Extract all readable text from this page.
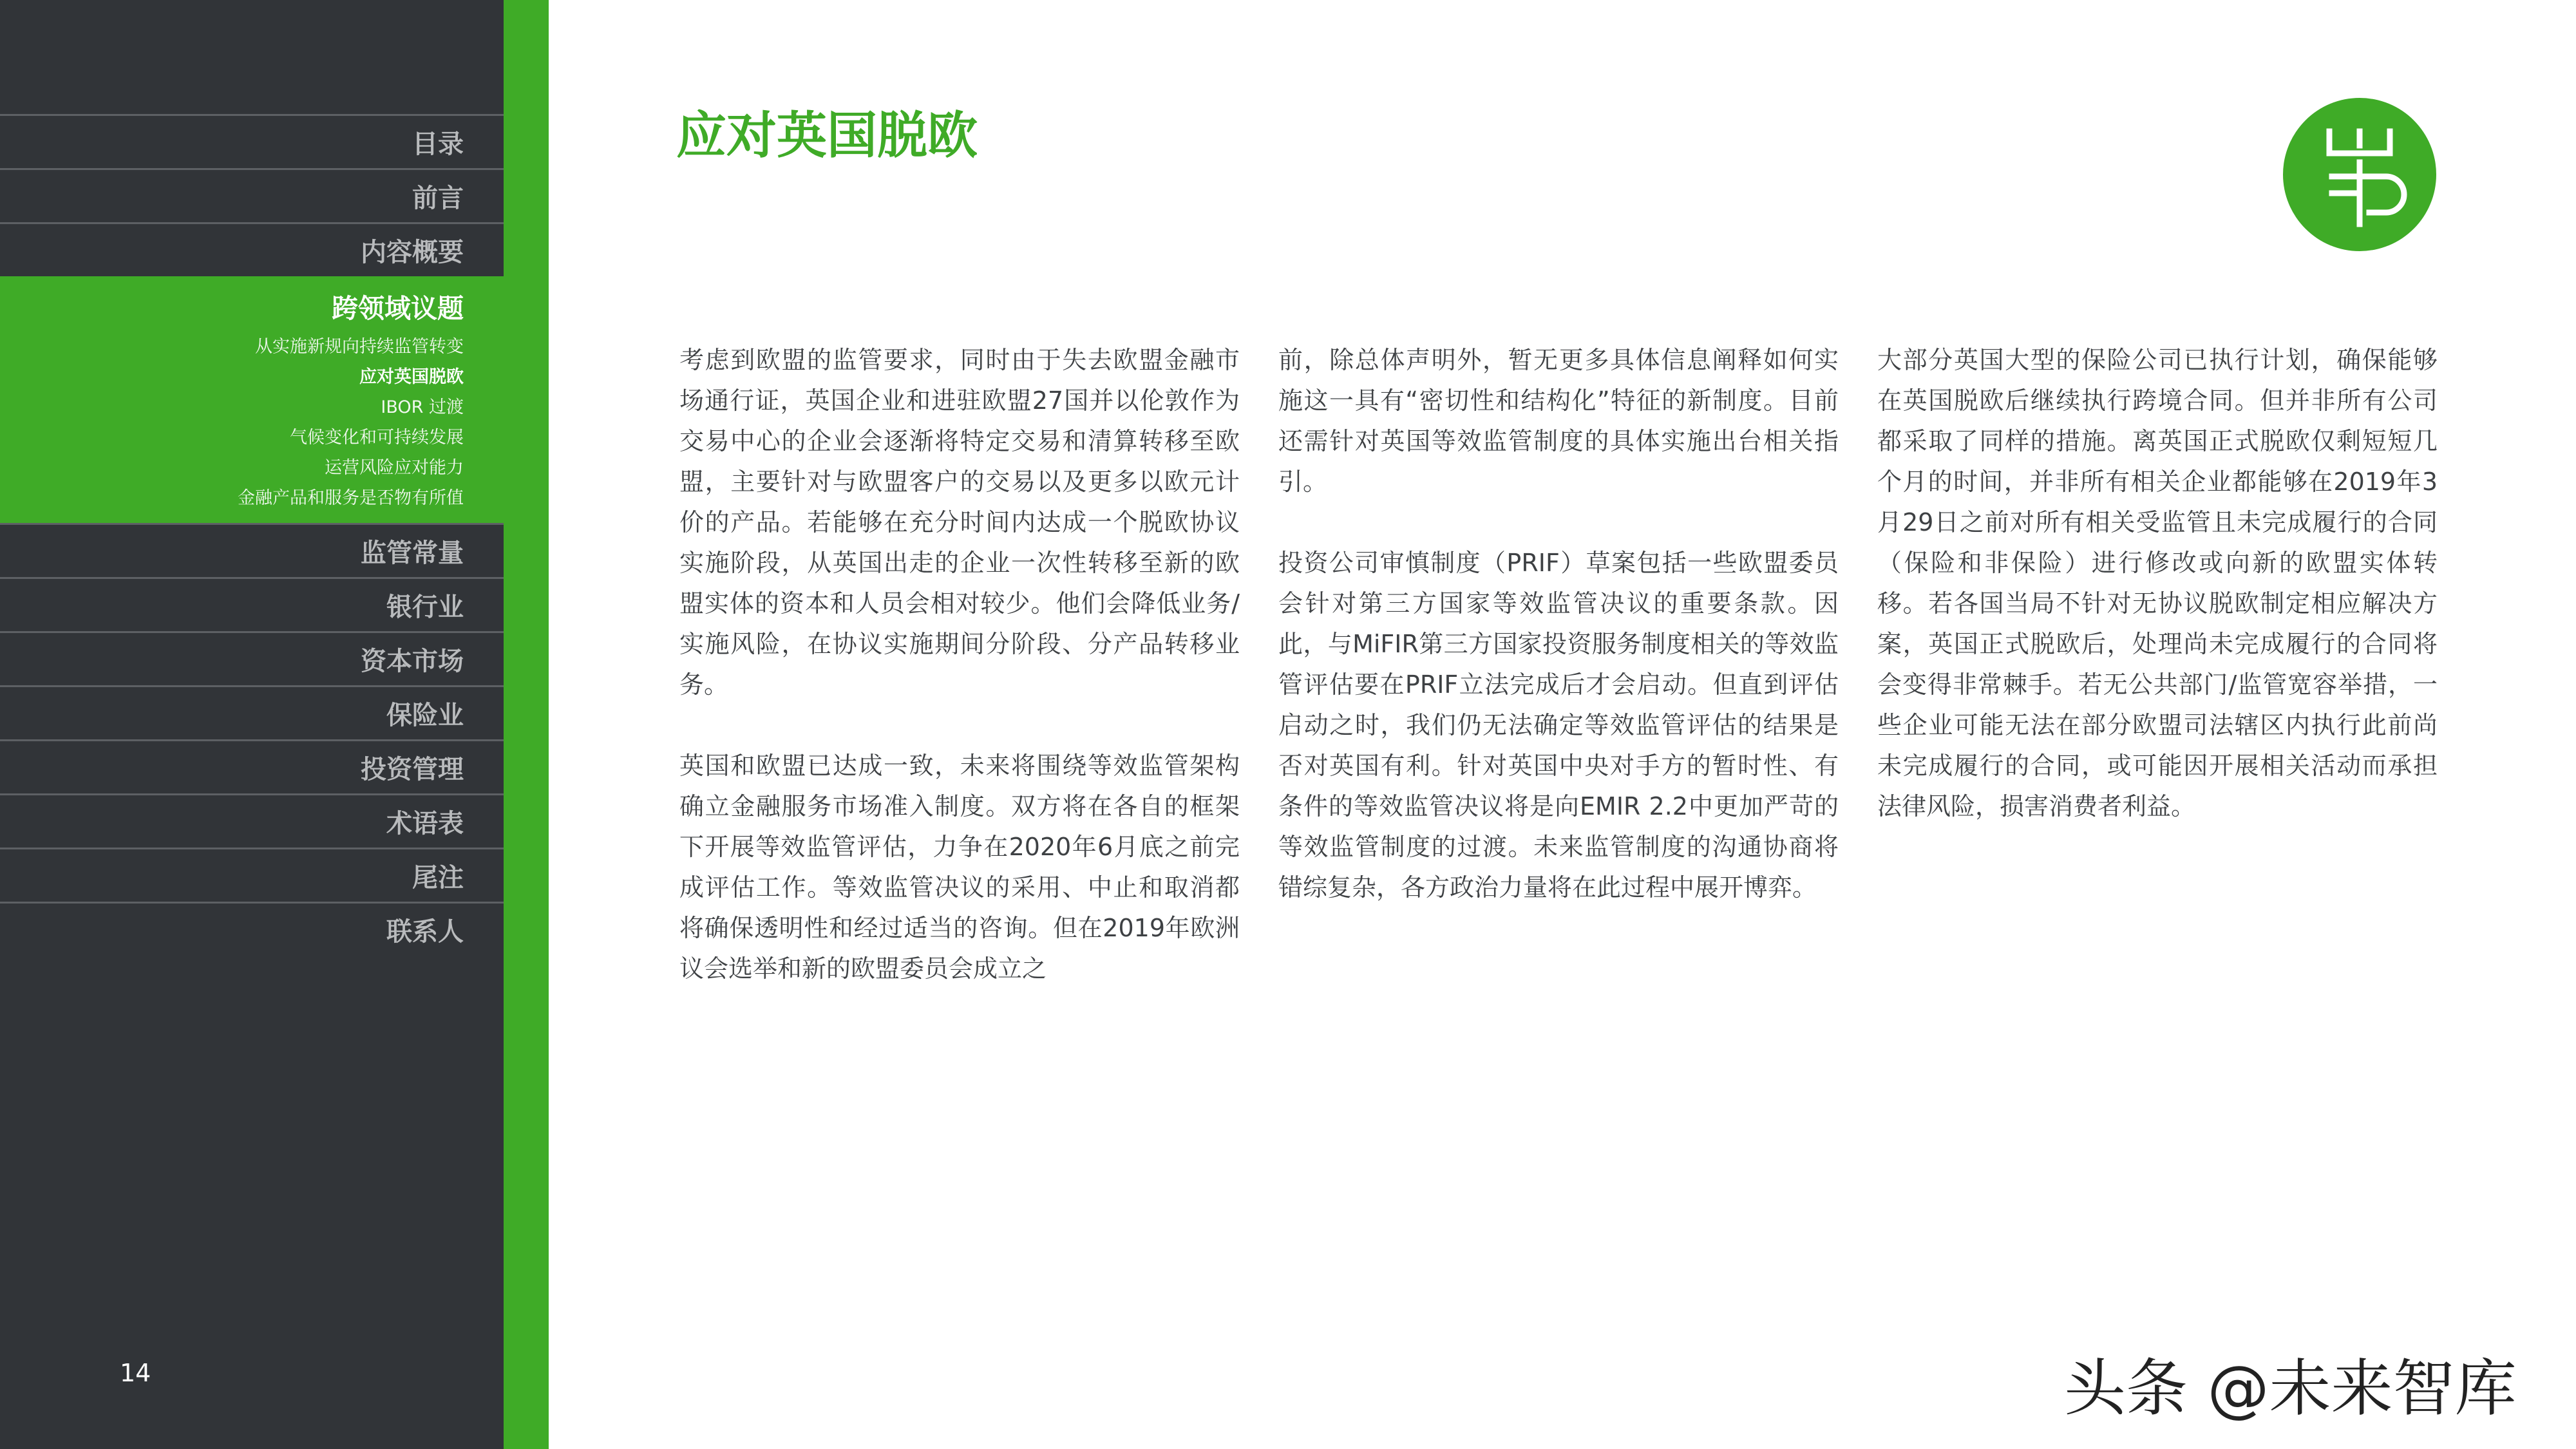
目录
前言
内容概要
跨领域议题
从实施新规向持续监管转变
应对英国脱欧
IBOR 过渡
气候变化和可持续发展
运营风险应对能力
金融产品和服务是否物有所值
监管常量
银行业
资本市场
保险业
投资管理
术语表
尾注
联系人
14
应对英国脱欧

考虑到欧盟的监管要求，同时由于失去欧盟金融市场通行证，英国企业和进驻欧盟27国并以伦敦作为交易中心的企业会逐渐将特定交易和清算转移至欧盟，主要针对与欧盟客户的交易以及更多以欧元计价的产品。若能够在充分时间内达成一个脱欧协议实施阶段，从英国出走的企业一次性转移至新的欧盟实体的资本和人员会相对较少。他们会降低业务/实施风险，在协议实施期间分阶段、分产品转移业务。

英国和欧盟已达成一致，未来将围绕等效监管架构确立金融服务市场准入制度。双方将在各自的框架下开展等效监管评估，力争在2020年6月底之前完成评估工作。等效监管决议的采用、中止和取消都将确保透明性和经过适当的咨询。但在2019年欧洲议会选举和新的欧盟委员会成立之

前，除总体声明外，暂无更多具体信息阐释如何实施这一具有“密切性和结构化”特征的新制度。目前还需针对英国等效监管制度的具体实施出台相关指引。

投资公司审慎制度（PRIF）草案包括一些欧盟委员会针对第三方国家等效监管决议的重要条款。因此，与MiFIR第三方国家投资服务制度相关的等效监管评估要在PRIF立法完成后才会启动。但直到评估启动之时，我们仍无法确定等效监管评估的结果是否对英国有利。针对英国中央对手方的暂时性、有条件的等效监管决议将是向EMIR 2.2中更加严苛的等效监管制度的过渡。未来监管制度的沟通协商将错综复杂，各方政治力量将在此过程中展开博弈。

大部分英国大型的保险公司已执行计划，确保能够在英国脱欧后继续执行跨境合同。但并非所有公司都采取了同样的措施。离英国正式脱欧仅剩短短几个月的时间，并非所有相关企业都能够在2019年3月29日之前对所有相关受监管且未完成履行的合同（保险和非保险）进行修改或向新的欧盟实体转移。若各国当局不针对无协议脱欧制定相应解决方案，英国正式脱欧后，处理尚未完成履行的合同将会变得非常棘手。若无公共部门/监管宽容举措，一些企业可能无法在部分欧盟司法辖区内执行此前尚未完成履行的合同，或可能因开展相关活动而承担法律风险，损害消费者利益。

头条 @未来智库
